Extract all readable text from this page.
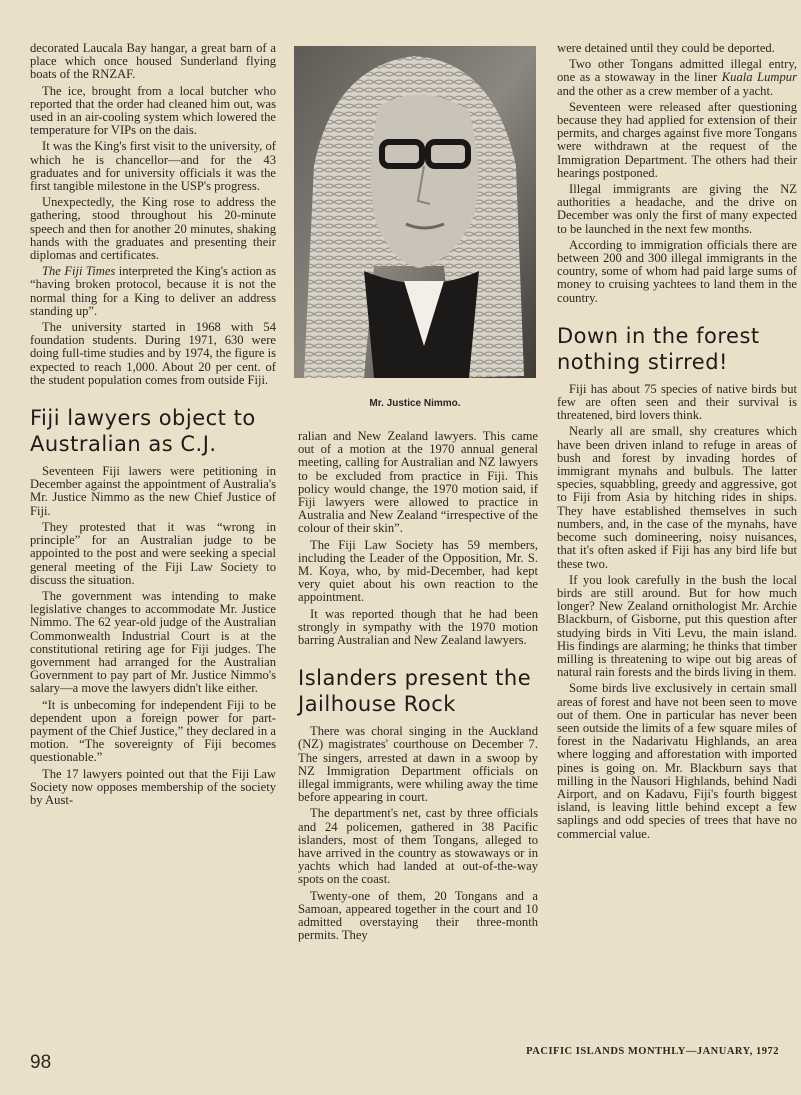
decorated Laucala Bay hangar, a great barn of a place which once housed Sunderland flying boats of the RNZAF.

The ice, brought from a local butcher who reported that the order had cleaned him out, was used in an air-cooling system which lowered the temperature for VIPs on the dais.

It was the King's first visit to the university, of which he is chancellor—and for the 43 graduates and for university officials it was the first tangible milestone in the USP's progress.

Unexpectedly, the King rose to address the gathering, stood throughout his 20-minute speech and then for another 20 minutes, shaking hands with the graduates and presenting their diplomas and certificates.

The Fiji Times interpreted the King's action as “having broken protocol, because it is not the normal thing for a King to deliver an address standing up”.

The university started in 1968 with 54 foundation students. During 1971, 630 were doing full-time studies and by 1974, the figure is expected to reach 1,000. About 20 per cent. of the student population comes from outside Fiji.

Fiji lawyers object to Australian as C.J.

Seventeen Fiji lawers were petitioning in December against the appointment of Australia's Mr. Justice Nimmo as the new Chief Justice of Fiji.

They protested that it was “wrong in principle” for an Australian judge to be appointed to the post and were seeking a special general meeting of the Fiji Law Society to discuss the situation.

The government was intending to make legislative changes to accommodate Mr. Justice Nimmo. The 62 year-old judge of the Australian Commonwealth Industrial Court is at the constitutional retiring age for Fiji judges. The government had arranged for the Australian Government to pay part of Mr. Justice Nimmo's salary—a move the lawyers didn't like either.

“It is unbecoming for independent Fiji to be dependent upon a foreign power for part-payment of the Chief Justice,” they declared in a motion. “The sovereignty of Fiji becomes questionable.”

The 17 lawyers pointed out that the Fiji Law Society now opposes membership of the society by Aust-

Mr. Justice Nimmo.

ralian and New Zealand lawyers. This came out of a motion at the 1970 annual general meeting, calling for Australian and NZ lawyers to be excluded from practice in Fiji. This policy would change, the 1970 motion said, if Fiji lawyers were allowed to practice in Australia and New Zealand “irrespective of the colour of their skin”.

The Fiji Law Society has 59 members, including the Leader of the Opposition, Mr. S. M. Koya, who, by mid-December, had kept very quiet about his own reaction to the appointment.

It was reported though that he had been strongly in sympathy with the 1970 motion barring Australian and New Zealand lawyers.

Islanders present the Jailhouse Rock

There was choral singing in the Auckland (NZ) magistrates' courthouse on December 7. The singers, arrested at dawn in a swoop by NZ Immigration Department officials on illegal immigrants, were whiling away the time before appearing in court.

The department's net, cast by three officials and 24 policemen, gathered in 38 Pacific islanders, most of them Tongans, alleged to have arrived in the country as stowaways or in yachts which had landed at out-of-the-way spots on the coast.

Twenty-one of them, 20 Tongans and a Samoan, appeared together in the court and 10 admitted overstaying their three-month permits. They

were detained until they could be deported.

Two other Tongans admitted illegal entry, one as a stowaway in the liner Kuala Lumpur and the other as a crew member of a yacht.

Seventeen were released after questioning because they had applied for extension of their permits, and charges against five more Tongans were withdrawn at the request of the Immigration Department. The others had their hearings postponed.

Illegal immigrants are giving the NZ authorities a headache, and the drive on December was only the first of many expected to be launched in the next few months.

According to immigration officials there are between 200 and 300 illegal immigrants in the country, some of whom had paid large sums of money to cruising yachtees to land them in the country.

Down in the forest nothing stirred!

Fiji has about 75 species of native birds but few are often seen and their survival is threatened, bird lovers think.

Nearly all are small, shy creatures which have been driven inland to refuge in areas of bush and forest by invading hordes of immigrant mynahs and bulbuls. The latter species, squabbling, greedy and aggressive, got to Fiji from Asia by hitching rides in ships. They have established themselves in such numbers, and, in the case of the mynahs, have become such domineering, noisy nuisances, that it's often asked if Fiji has any bird life but these two.

If you look carefully in the bush the local birds are still around. But for how much longer? New Zealand ornithologist Mr. Archie Blackburn, of Gisborne, put this question after studying birds in Viti Levu, the main island. His findings are alarming; he thinks that timber milling is threatening to wipe out big areas of natural rain forests and the birds living in them.

Some birds live exclusively in certain small areas of forest and have not been seen to move out of them. One in particular has never been seen outside the limits of a few square miles of forest in the Nadarivatu Highlands, an area where logging and afforestation with imported pines is going on. Mr. Blackburn says that milling in the Nausori Highlands, behind Nadi Airport, and on Kadavu, Fiji's fourth biggest island, is leaving little behind except a few saplings and odd species of trees that have no commercial value.

98
PACIFIC ISLANDS MONTHLY—JANUARY, 1972
